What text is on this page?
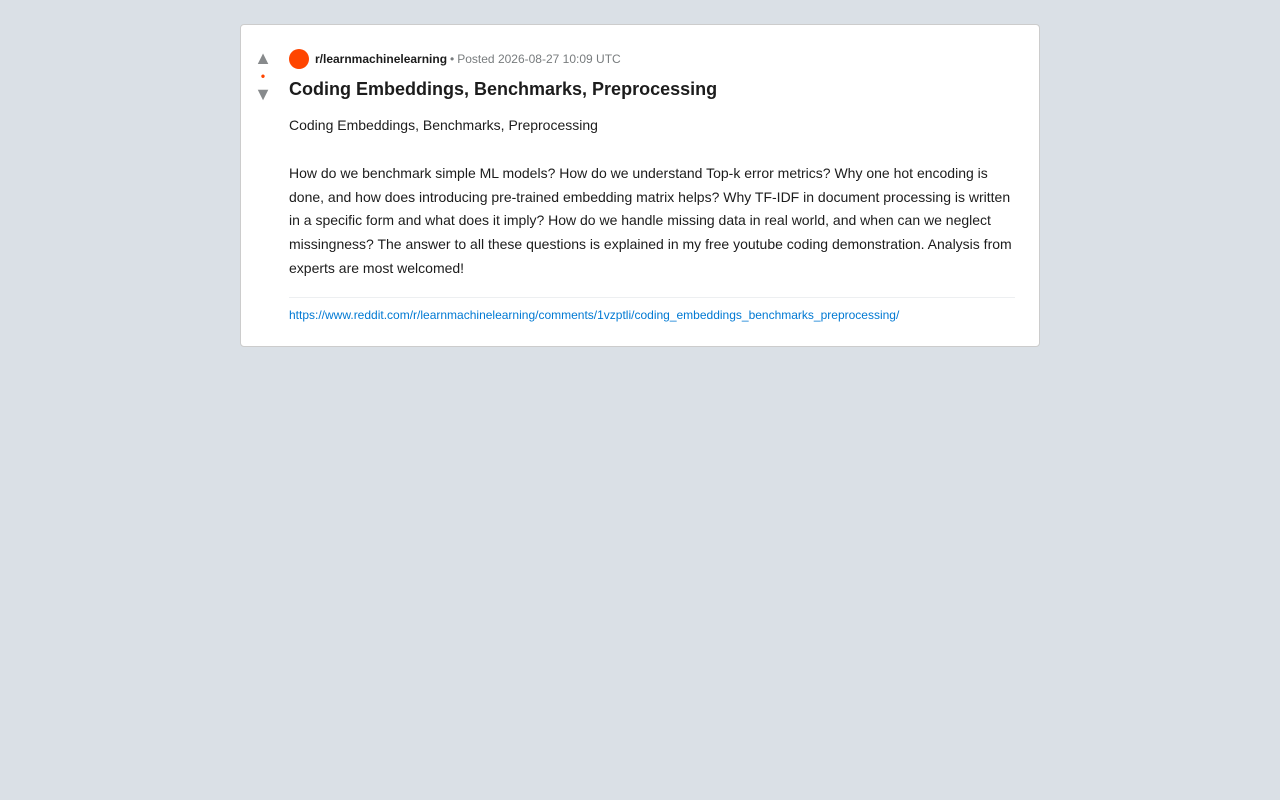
▲
•
▼
r/learnmachinelearning • Posted 2026-08-27 10:09 UTC
Coding Embeddings, Benchmarks, Preprocessing

Coding Embeddings, Benchmarks, Preprocessing

How do we benchmark simple ML models? How do we understand Top-k error metrics? Why one hot encoding is done, and how does introducing pre-trained embedding matrix helps? Why TF-IDF in document processing is written in a specific form and what does it imply? How do we handle missing data in real world, and when can we neglect missingness? The answer to all these questions is explained in my free youtube coding demonstration. Analysis from experts are most welcomed!

https://www.reddit.com/r/learnmachinelearning/comments/1vzptli/coding_embeddings_benchmarks_preprocessing/
